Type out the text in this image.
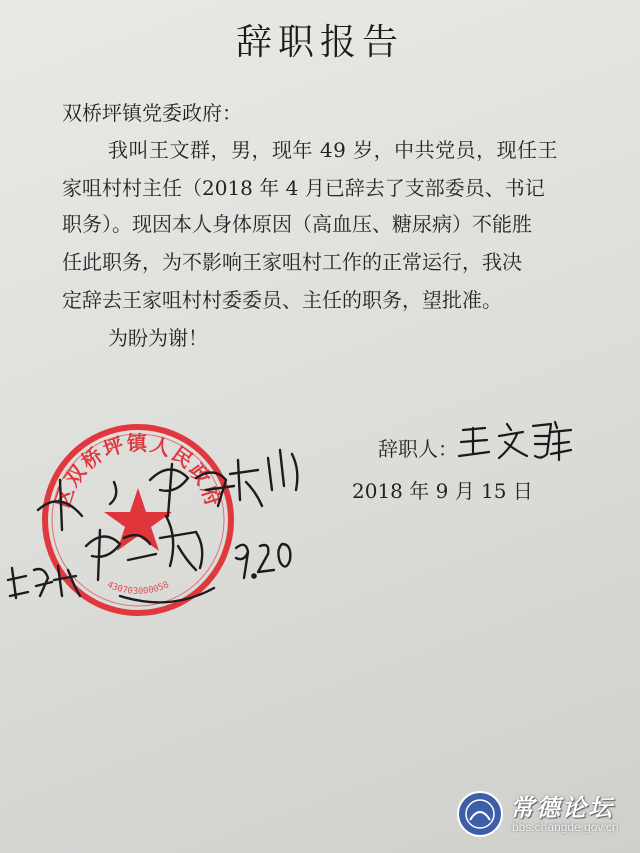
辞职报告
双桥坪镇党委政府：
我叫王文群，男，现年 49 岁，中共党员，现任王
家咀村村主任（2018 年 4 月已辞去了支部委员、书记
职务）。现因本人身体原因（高血压、糖尿病）不能胜
任此职务，为不影响王家咀村工作的正常运行，我决
定辞去王家咀村村委委员、主任的职务，望批准。
为盼为谢！
辞职人：
2018 年 9 月 15 日
区双桥坪镇人民政府
430703000058
常德论坛
bbs.changde.gov.cn
